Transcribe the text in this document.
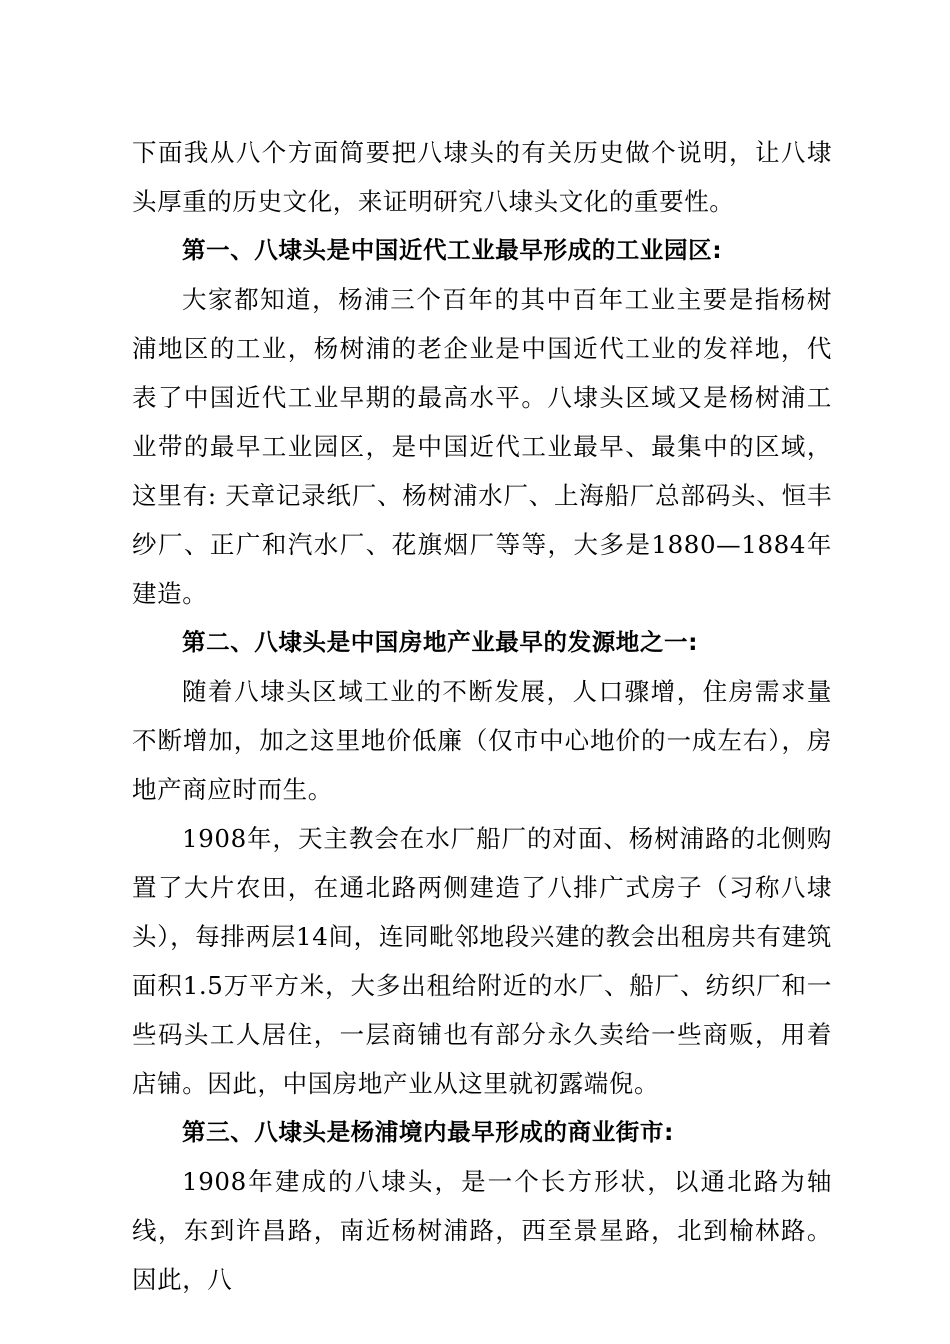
下面我从八个方面简要把八埭头的有关历史做个说明，让八埭头厚重的历史文化，来证明研究八埭头文化的重要性。

第一、八埭头是中国近代工业最早形成的工业园区:

大家都知道，杨浦三个百年的其中百年工业主要是指杨树浦地区的工业，杨树浦的老企业是中国近代工业的发祥地，代表了中国近代工业早期的最高水平。八埭头区域又是杨树浦工业带的最早工业园区，是中国近代工业最早、最集中的区域，这里有: 天章记录纸厂、杨树浦水厂、上海船厂总部码头、恒丰纱厂、正广和汽水厂、花旗烟厂等等，大多是1880—1884年建造。

第二、八埭头是中国房地产业最早的发源地之一:

随着八埭头区域工业的不断发展，人口骤增，住房需求量不断增加，加之这里地价低廉（仅市中心地价的一成左右），房地产商应时而生。

1908年，天主教会在水厂船厂的对面、杨树浦路的北侧购置了大片农田，在通北路两侧建造了八排广式房子（习称八埭头），每排两层14间，连同毗邻地段兴建的教会出租房共有建筑面积1.5万平方米，大多出租给附近的水厂、船厂、纺织厂和一些码头工人居住，一层商铺也有部分永久卖给一些商贩，用着店铺。因此，中国房地产业从这里就初露端倪。

第三、八埭头是杨浦境内最早形成的商业街市:

1908年建成的八埭头，是一个长方形状，以通北路为轴线，东到许昌路，南近杨树浦路，西至景星路，北到榆林路。因此，八
